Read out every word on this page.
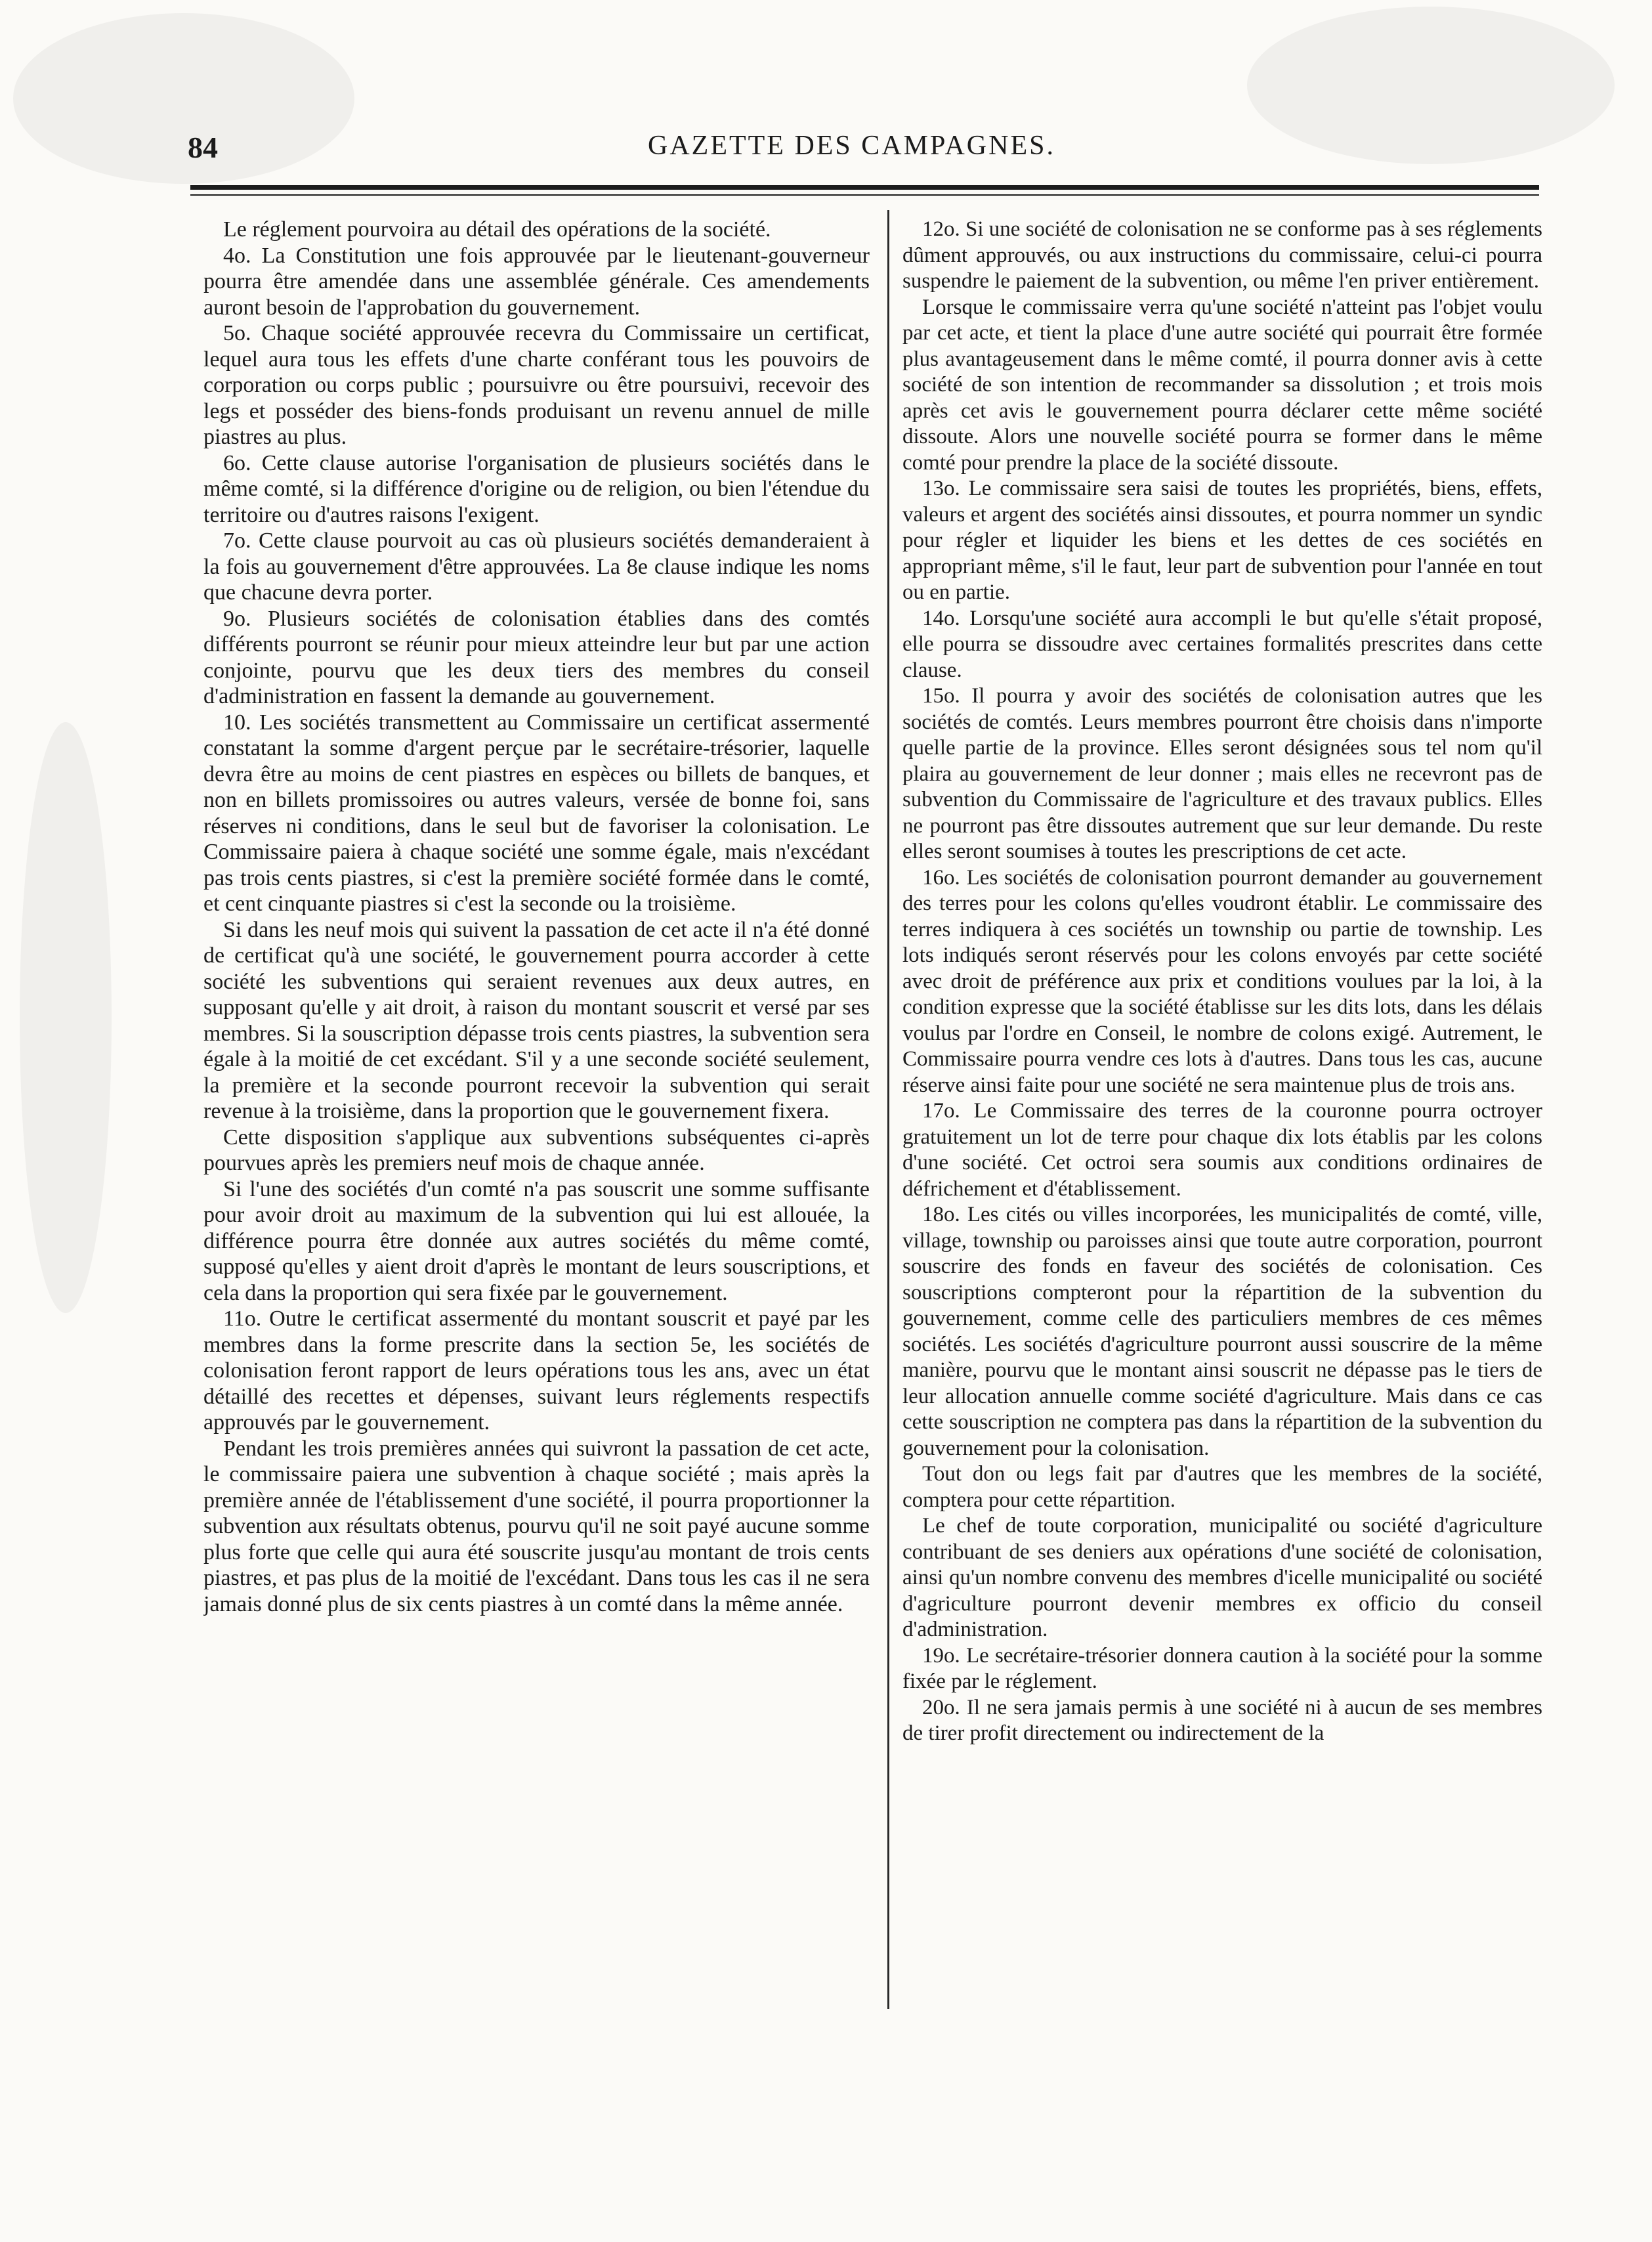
84	GAZETTE DES CAMPAGNES.

Le réglement pourvoira au détail des opérations de la société.

4o. La Constitution une fois approuvée par le lieutenant-gouverneur pourra être amendée dans une assemblée générale. Ces amendements auront besoin de l'approbation du gouvernement.

5o. Chaque société approuvée recevra du Commissaire un certificat, lequel aura tous les effets d'une charte conférant tous les pouvoirs de corporation ou corps public ; poursuivre ou être poursuivi, recevoir des legs et posséder des biens-fonds produisant un revenu annuel de mille piastres au plus.

6o. Cette clause autorise l'organisation de plusieurs sociétés dans le même comté, si la différence d'origine ou de religion, ou bien l'étendue du territoire ou d'autres raisons l'exigent.

7o. Cette clause pourvoit au cas où plusieurs sociétés demanderaient à la fois au gouvernement d'être approuvées. La 8e clause indique les noms que chacune devra porter.

9o. Plusieurs sociétés de colonisation établies dans des comtés différents pourront se réunir pour mieux atteindre leur but par une action conjointe, pourvu que les deux tiers des membres du conseil d'administration en fassent la demande au gouvernement.

10. Les sociétés transmettent au Commissaire un certificat assermenté constatant la somme d'argent perçue par le secrétaire-trésorier, laquelle devra être au moins de cent piastres en espèces ou billets de banques, et non en billets promissoires ou autres valeurs, versée de bonne foi, sans réserves ni conditions, dans le seul but de favoriser la colonisation. Le Commissaire paiera à chaque société une somme égale, mais n'excédant pas trois cents piastres, si c'est la première société formée dans le comté, et cent cinquante piastres si c'est la seconde ou la troisième.

Si dans les neuf mois qui suivent la passation de cet acte il n'a été donné de certificat qu'à une société, le gouvernement pourra accorder à cette société les subventions qui seraient revenues aux deux autres, en supposant qu'elle y ait droit, à raison du montant souscrit et versé par ses membres. Si la souscription dépasse trois cents piastres, la subvention sera égale à la moitié de cet excédant. S'il y a une seconde société seulement, la première et la seconde pourront recevoir la subvention qui serait revenue à la troisième, dans la proportion que le gouvernement fixera.

Cette disposition s'applique aux subventions subséquentes ci-après pourvues après les premiers neuf mois de chaque année.

Si l'une des sociétés d'un comté n'a pas souscrit une somme suffisante pour avoir droit au maximum de la subvention qui lui est allouée, la différence pourra être donnée aux autres sociétés du même comté, supposé qu'elles y aient droit d'après le montant de leurs souscriptions, et cela dans la proportion qui sera fixée par le gouvernement.

11o. Outre le certificat assermenté du montant souscrit et payé par les membres dans la forme prescrite dans la section 5e, les sociétés de colonisation feront rapport de leurs opérations tous les ans, avec un état détaillé des recettes et dépenses, suivant leurs réglements respectifs approuvés par le gouvernement.

Pendant les trois premières années qui suivront la passation de cet acte, le commissaire paiera une subvention à chaque société ; mais après la première année de l'établissement d'une société, il pourra proportionner la subvention aux résultats obtenus, pourvu qu'il ne soit payé aucune somme plus forte que celle qui aura été souscrite jusqu'au montant de trois cents piastres, et pas plus de la moitié de l'excédant. Dans tous les cas il ne sera jamais donné plus de six cents piastres à un comté dans la même année.

12o. Si une société de colonisation ne se conforme pas à ses réglements dûment approuvés, ou aux instructions du commissaire, celui-ci pourra suspendre le paiement de la subvention, ou même l'en priver entièrement.

Lorsque le commissaire verra qu'une société n'atteint pas l'objet voulu par cet acte, et tient la place d'une autre société qui pourrait être formée plus avantageusement dans le même comté, il pourra donner avis à cette société de son intention de recommander sa dissolution ; et trois mois après cet avis le gouvernement pourra déclarer cette même société dissoute. Alors une nouvelle société pourra se former dans le même comté pour prendre la place de la société dissoute.

13o. Le commissaire sera saisi de toutes les propriétés, biens, effets, valeurs et argent des sociétés ainsi dissoutes, et pourra nommer un syndic pour régler et liquider les biens et les dettes de ces sociétés en appropriant même, s'il le faut, leur part de subvention pour l'année en tout ou en partie.

14o. Lorsqu'une société aura accompli le but qu'elle s'était proposé, elle pourra se dissoudre avec certaines formalités prescrites dans cette clause.

15o. Il pourra y avoir des sociétés de colonisation autres que les sociétés de comtés. Leurs membres pourront être choisis dans n'importe quelle partie de la province. Elles seront désignées sous tel nom qu'il plaira au gouvernement de leur donner ; mais elles ne recevront pas de subvention du Commissaire de l'agriculture et des travaux publics. Elles ne pourront pas être dissoutes autrement que sur leur demande. Du reste elles seront soumises à toutes les prescriptions de cet acte.

16o. Les sociétés de colonisation pourront demander au gouvernement des terres pour les colons qu'elles voudront établir. Le commissaire des terres indiquera à ces sociétés un township ou partie de township. Les lots indiqués seront réservés pour les colons envoyés par cette société avec droit de préférence aux prix et conditions voulues par la loi, à la condition expresse que la société établisse sur les dits lots, dans les délais voulus par l'ordre en Conseil, le nombre de colons exigé. Autrement, le Commissaire pourra vendre ces lots à d'autres. Dans tous les cas, aucune réserve ainsi faite pour une société ne sera maintenue plus de trois ans.

17o. Le Commissaire des terres de la couronne pourra octroyer gratuitement un lot de terre pour chaque dix lots établis par les colons d'une société. Cet octroi sera soumis aux conditions ordinaires de défrichement et d'établissement.

18o. Les cités ou villes incorporées, les municipalités de comté, ville, village, township ou paroisses ainsi que toute autre corporation, pourront souscrire des fonds en faveur des sociétés de colonisation. Ces souscriptions compteront pour la répartition de la subvention du gouvernement, comme celle des particuliers membres de ces mêmes sociétés. Les sociétés d'agriculture pourront aussi souscrire de la même manière, pourvu que le montant ainsi souscrit ne dépasse pas le tiers de leur allocation annuelle comme société d'agriculture. Mais dans ce cas cette souscription ne comptera pas dans la répartition de la subvention du gouvernement pour la colonisation.

Tout don ou legs fait par d'autres que les membres de la société, comptera pour cette répartition.

Le chef de toute corporation, municipalité ou société d'agriculture contribuant de ses deniers aux opérations d'une société de colonisation, ainsi qu'un nombre convenu des membres d'icelle municipalité ou société d'agriculture pourront devenir membres ex officio du conseil d'administration.

19o. Le secrétaire-trésorier donnera caution à la société pour la somme fixée par le réglement.

20o. Il ne sera jamais permis à une société ni à aucun de ses membres de tirer profit directement ou indirectement de la
